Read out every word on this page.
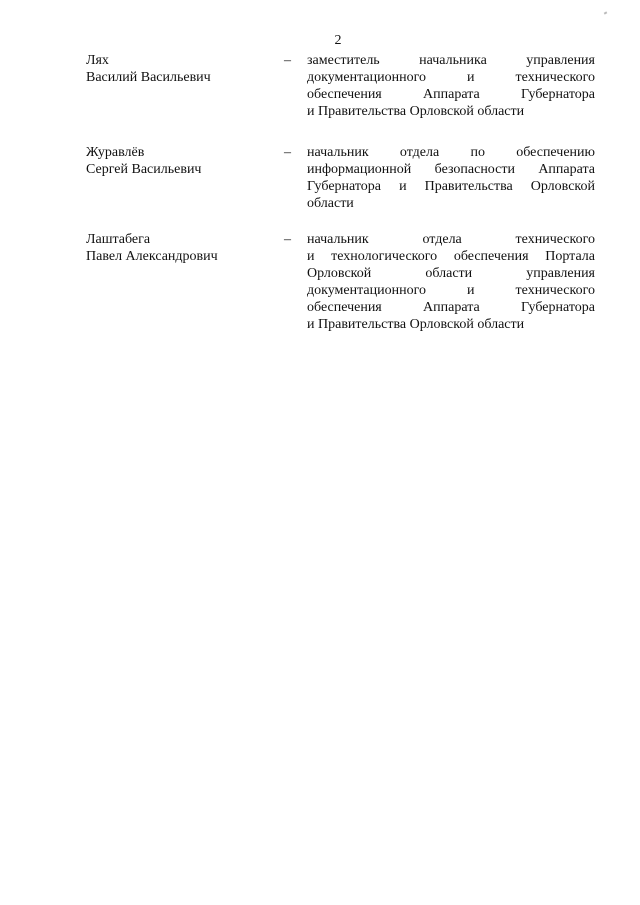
2
Лях
Василий Васильевич
– заместитель начальника управления
документационного и технического
обеспечения Аппарата Губернатора
и Правительства Орловской области
Журавлёв
Сергей Васильевич
– начальник отдела по обеспечению
информационной безопасности Аппарата
Губернатора и Правительства Орловской
области
Лаштабега
Павел Александрович
– начальник отдела технического
и технологического обеспечения Портала
Орловской области управления
документационного и технического
обеспечения Аппарата Губернатора
и Правительства Орловской области
